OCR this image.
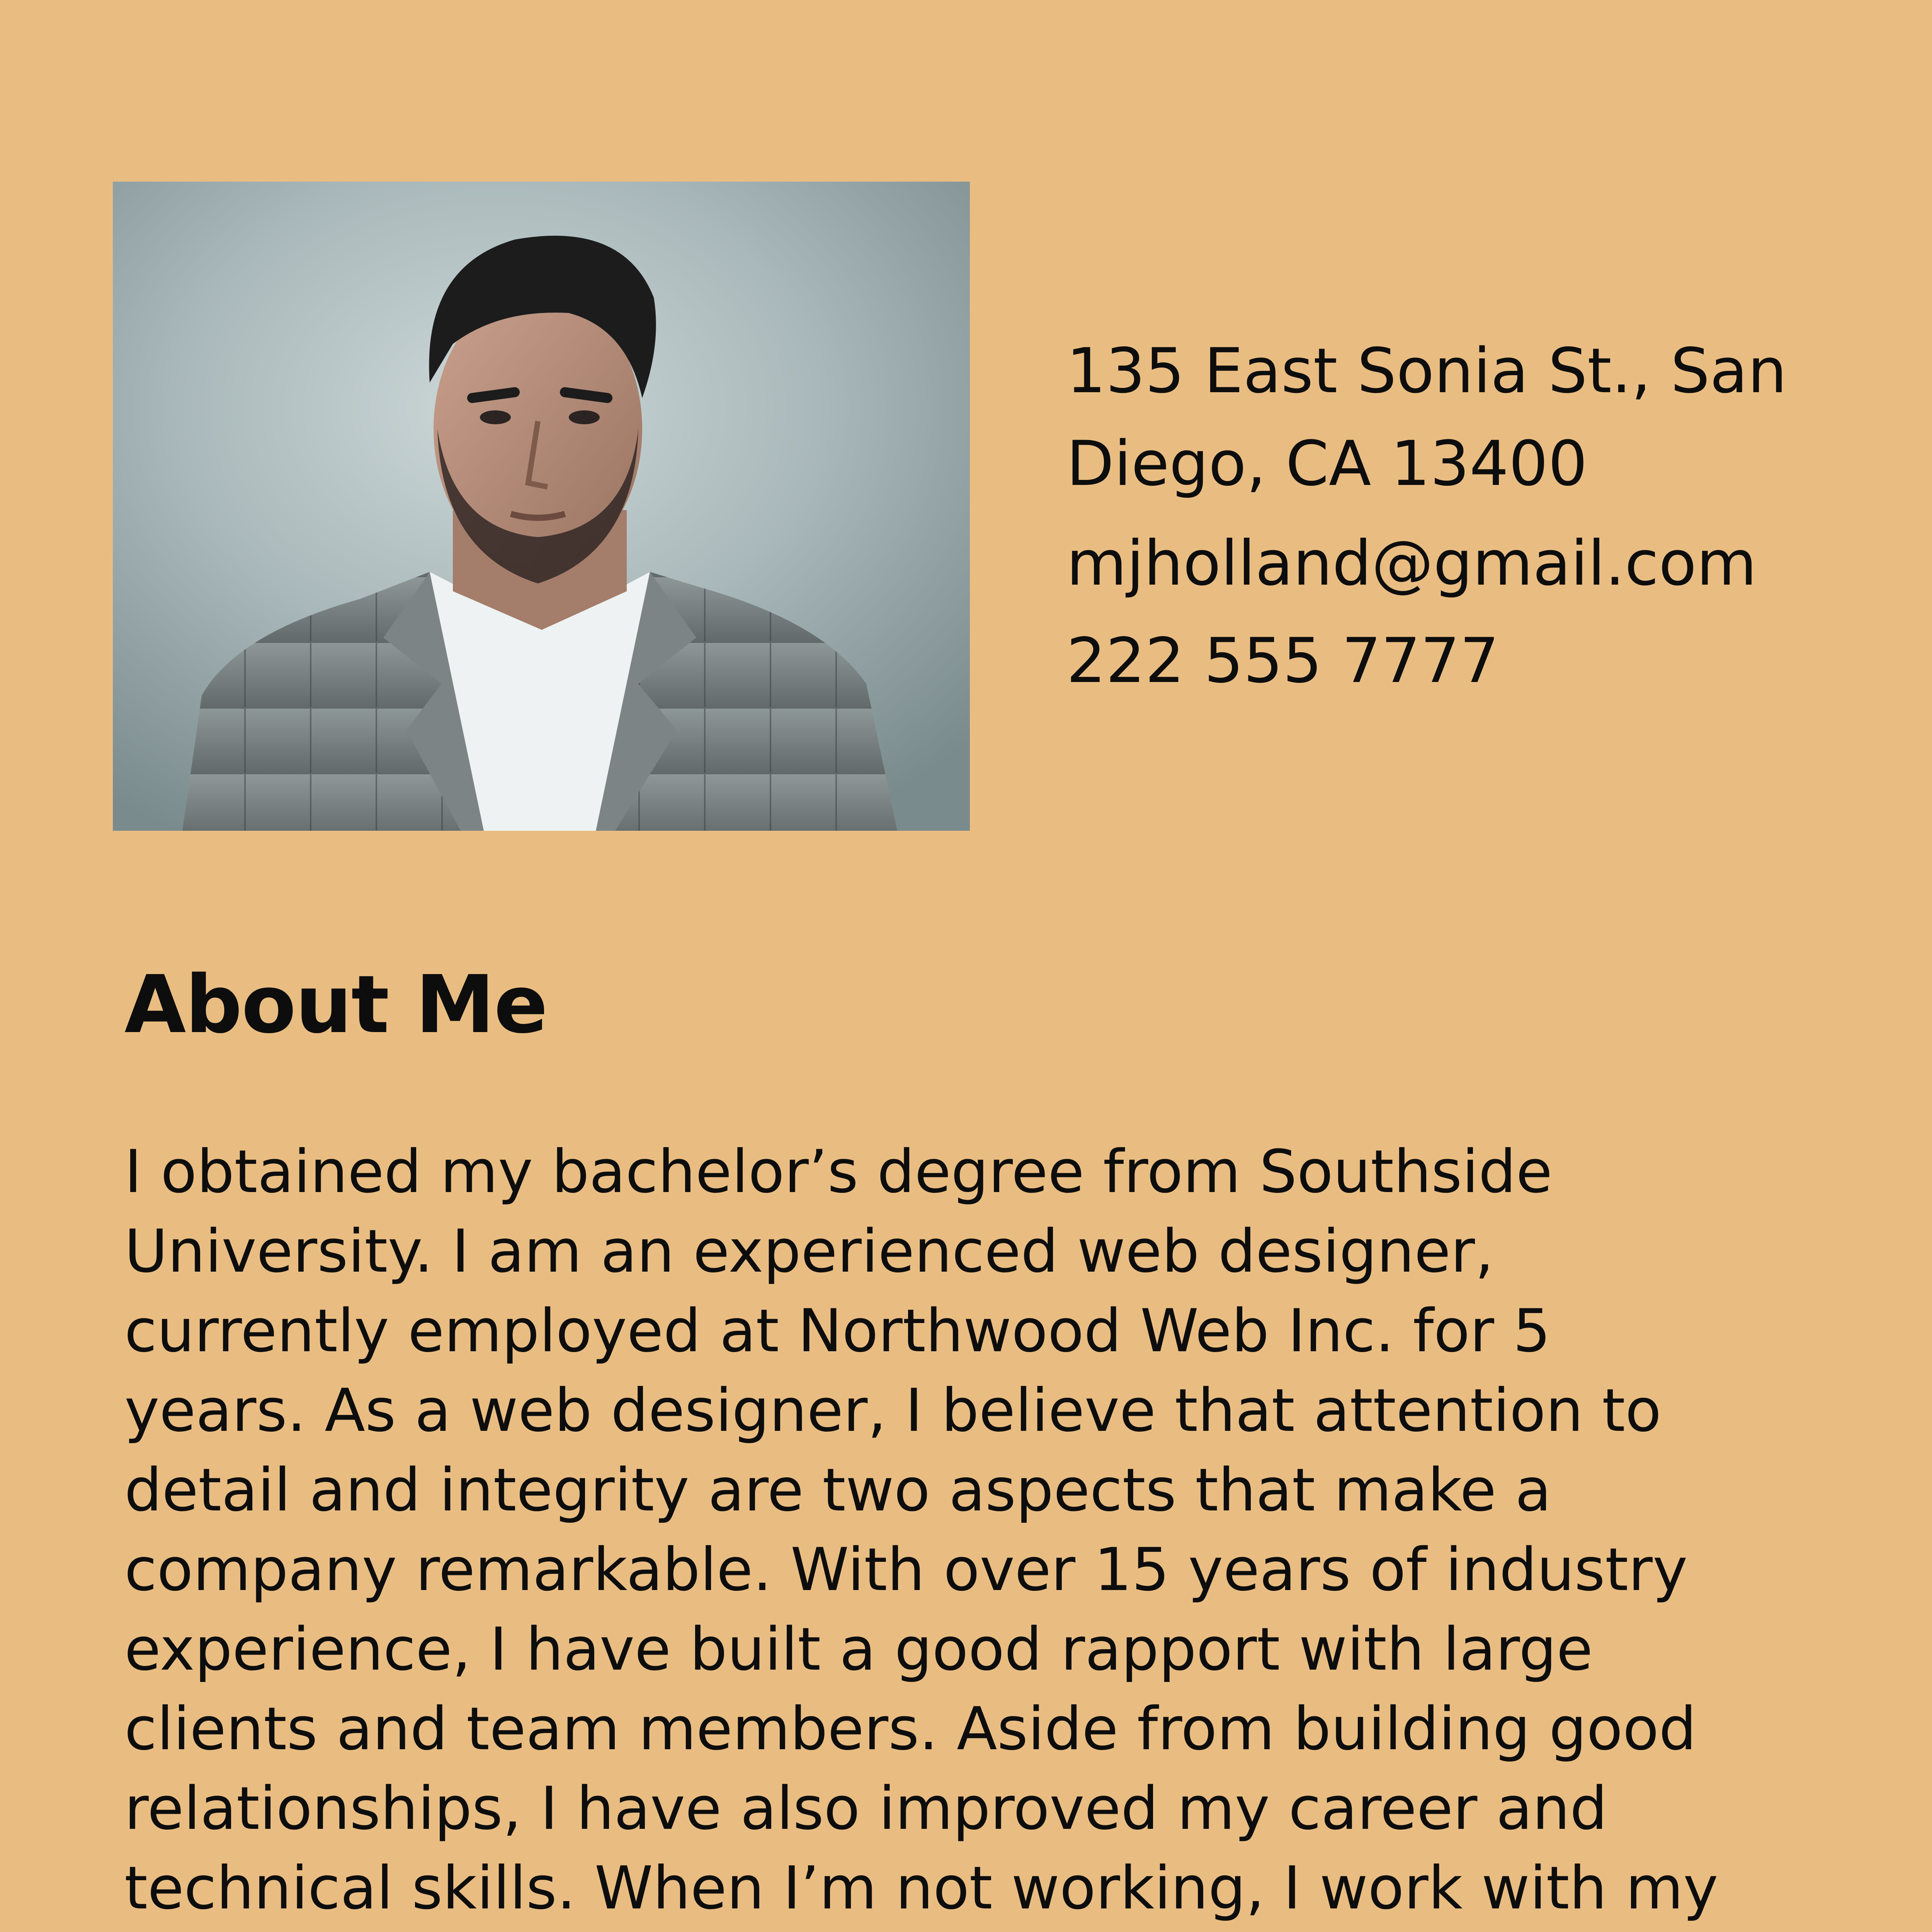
135 East Sonia St., San Diego, CA 13400
mjholland@gmail.com
222 555 7777
About Me
I obtained my bachelor’s degree from Southside
University. I am an experienced web designer,
currently employed at Northwood Web Inc. for 5
years. As a web designer, I believe that attention to
detail and integrity are two aspects that make a
company remarkable. With over 15 years of industry
experience, I have built a good rapport with large
clients and team members. Aside from building good
relationships, I have also improved my career and
technical skills. When I’m not working, I work with my
